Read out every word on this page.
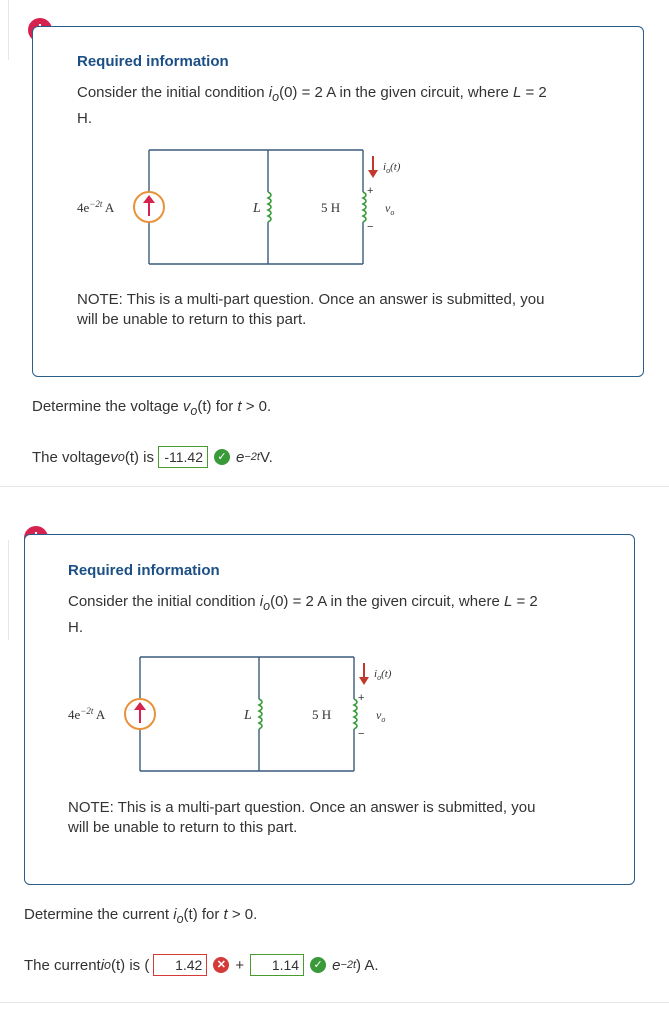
Required information
Consider the initial condition $i_o(0) = 2$ A in the given circuit, where L = 2
H.
$4e^{-2t}$ A	L	5 H
$i_o(t)$
+
−
$v_o$
NOTE: This is a multi-part question. Once an answer is submitted, you
will be unable to return to this part.
Determine the voltage $v_o(t)$ for t > 0.
The voltage v o (t) is -11.42	✓ e −2t V.
Required information
Consider the initial condition $i_o(0) = 2$ A in the given circuit, where L = 2
H.
$4e^{-2t}$ A	L	5 H
$i_o(t)$
+
−
$v_o$
NOTE: This is a multi-part question. Once an answer is submitted, you
will be unable to return to this part.
Determine the current $i_o(t)$ for t > 0.
The current i o (t) is (	1.42	✕ +	1.14	✓ e −2t ) A.
